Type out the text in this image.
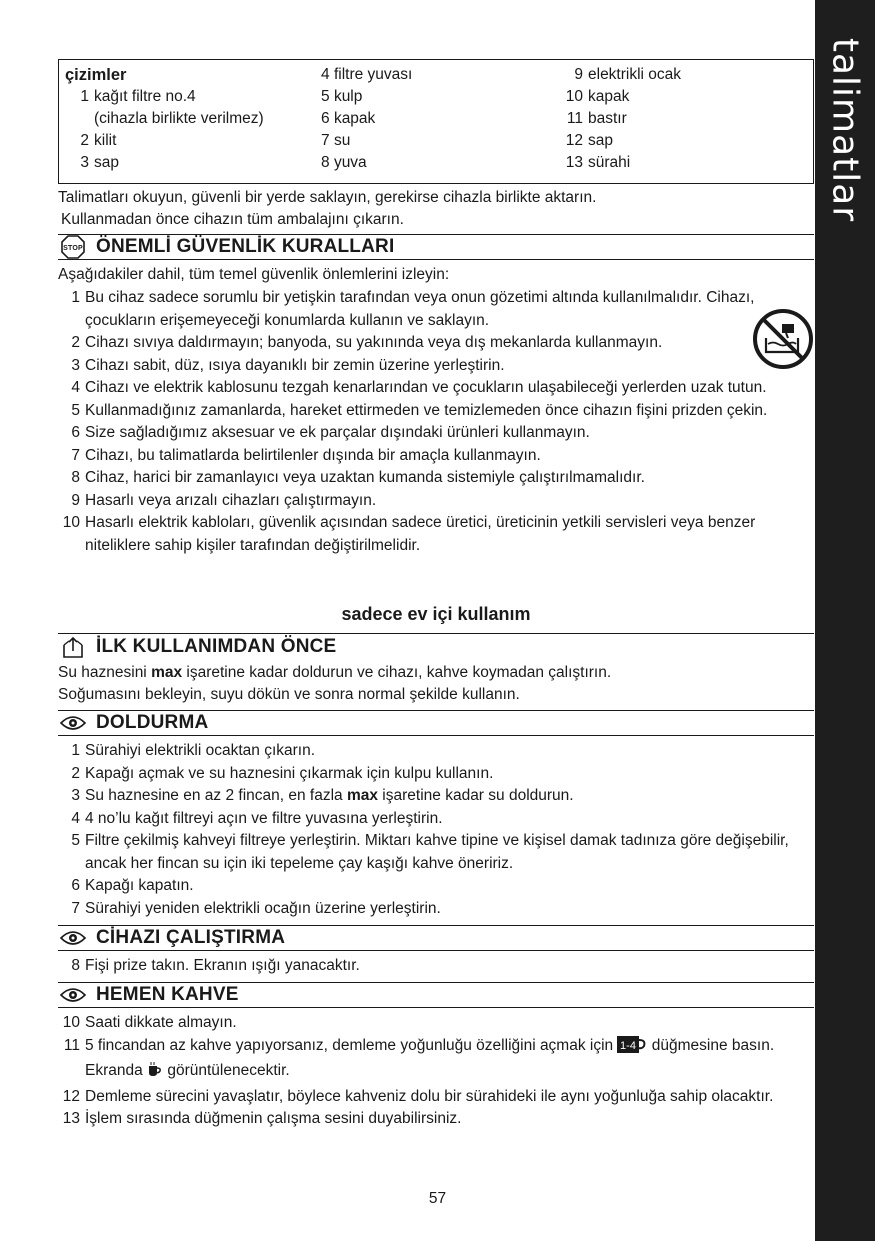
talimatlar
çizimler
1 kağıt filtre no.4
(cihazla birlikte verilmez)
2 kilit
3 sap
4 filtre yuvası
5 kulp
6 kapak
7 su
8 yuva
9 elektrikli ocak
10 kapak
11 bastır
12 sap
13 sürahi
Talimatları okuyun, güvenli bir yerde saklayın, gerekirse cihazla birlikte aktarın.
Kullanmadan önce cihazın tüm ambalajını çıkarın.
STOP ÖNEMLİ GÜVENLİK KURALLARI
Aşağıdakiler dahil, tüm temel güvenlik önlemlerini izleyin:
1 Bu cihaz sadece sorumlu bir yetişkin tarafından veya onun gözetimi altında kullanılmalıdır. Cihazı, çocukların erişemeyeceği konumlarda kullanın ve saklayın.
2 Cihazı sıvıya daldırmayın; banyoda, su yakınında veya dış mekanlarda kullanmayın.
3 Cihazı sabit, düz, ısıya dayanıklı bir zemin üzerine yerleştirin.
4 Cihazı ve elektrik kablosunu tezgah kenarlarından ve çocukların ulaşabileceği yerlerden uzak tutun.
5 Kullanmadığınız zamanlarda, hareket ettirmeden ve temizlemeden önce cihazın fişini prizden çekin.
6 Size sağladığımız aksesuar ve ek parçalar dışındaki ürünleri kullanmayın.
7 Cihazı, bu talimatlarda belirtilenler dışında bir amaçla kullanmayın.
8 Cihaz, harici bir zamanlayıcı veya uzaktan kumanda sistemiyle çalıştırılmamalıdır.
9 Hasarlı veya arızalı cihazları çalıştırmayın.
10 Hasarlı elektrik kabloları, güvenlik açısından sadece üretici, üreticinin yetkili servisleri veya benzer niteliklere sahip kişiler tarafından değiştirilmelidir.
sadece ev içi kullanım
İLK KULLANIMDAN ÖNCE
Su haznesini max işaretine kadar doldurun ve cihazı, kahve koymadan çalıştırın.
Soğumasını bekleyin, suyu dökün ve sonra normal şekilde kullanın.
DOLDURMA
1 Sürahiyi elektrikli ocaktan çıkarın.
2 Kapağı açmak ve su haznesini çıkarmak için kulpu kullanın.
3 Su haznesine en az 2 fincan, en fazla max işaretine kadar su doldurun.
4 4 no’lu kağıt filtreyi açın ve filtre yuvasına yerleştirin.
5 Filtre çekilmiş kahveyi filtreye yerleştirin. Miktarı kahve tipine ve kişisel damak tadınıza göre değişebilir, ancak her fincan su için iki tepeleme çay kaşığı kahve öneririz.
6 Kapağı kapatın.
7 Sürahiyi yeniden elektrikli ocağın üzerine yerleştirin.
CİHAZI ÇALIŞTIRMA
8 Fişi prize takın. Ekranın ışığı yanacaktır.
HEMEN KAHVE
10 Saati dikkate almayın.
11 5 fincandan az kahve yapıyorsanız, demleme yoğunluğu özelliğini açmak için 1-4 düğmesine basın. Ekranda  görüntülenecektir.
12 Demleme sürecini yavaşlatır, böylece kahveniz dolu bir sürahideki ile aynı yoğunluğa sahip olacaktır.
13 İşlem sırasında düğmenin çalışma sesini duyabilirsiniz.
57
